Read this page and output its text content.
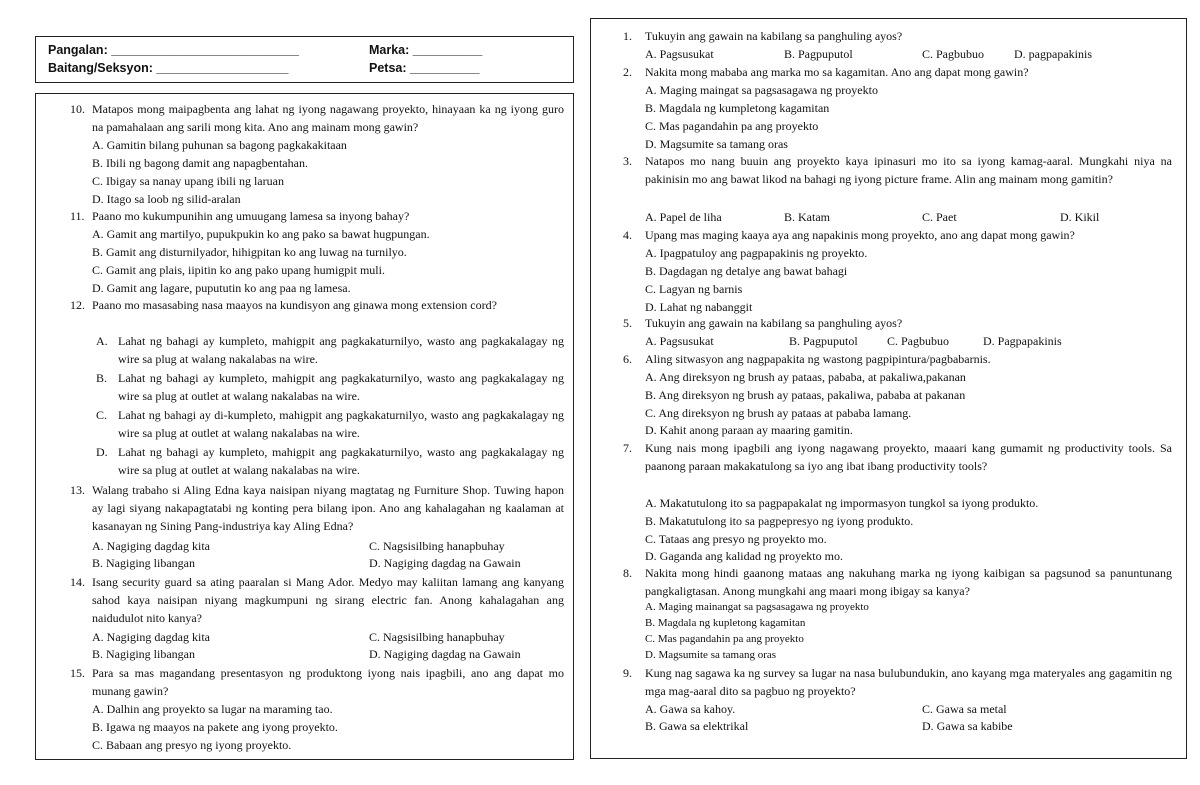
Pangalan: ___________________________
Baitang/Seksyon: ___________________
Marka: __________
Petsa: __________
10. Matapos mong maipagbenta ang lahat ng iyong nagawang proyekto, hinayaan ka ng iyong guro na pamahalaan ang sarili mong kita. Ano ang mainam mong gawin?
A. Gamitin bilang puhunan sa bagong pagkakakitaan
B. Ibili ng bagong damit ang napagbentahan.
C. Ibigay sa nanay upang ibili ng laruan
D. Itago sa loob ng silid-aralan
11. Paano mo kukumpunihin ang umuugang lamesa sa inyong bahay?
A. Gamit ang martilyo, pupukpukin ko ang pako sa bawat hugpungan.
B. Gamit ang disturnilyador, hihigpitan ko ang luwag na turnilyo.
C. Gamit ang plais, iipitin ko ang pako upang humigpit muli.
D. Gamit ang lagare, pupututin ko ang paa ng lamesa.
12. Paano mo masasabing nasa maayos na kundisyon ang ginawa mong extension cord?
A. Lahat ng bahagi ay kumpleto, mahigpit ang pagkakaturnilyo, wasto ang pagkakalagay ng wire sa plug at walang nakalabas na wire.
B. Lahat ng bahagi ay kumpleto, mahigpit ang pagkakaturnilyo, wasto ang pagkakalagay ng wire sa plug at outlet at walang nakalabas na wire.
C. Lahat ng bahagi ay di-kumpleto, mahigpit ang pagkakaturnilyo, wasto ang pagkakalagay ng wire sa plug at outlet at walang nakalabas na wire.
D. Lahat ng bahagi ay kumpleto, mahigpit ang pagkakaturnilyo, wasto ang pagkakalagay ng wire sa plug at outlet at walang nakalabas na wire.
13. Walang trabaho si Aling Edna kaya naisipan niyang magtatag ng Furniture Shop. Tuwing hapon ay lagi siyang nakapagtatabi ng konting pera bilang ipon. Ano ang kahalagahan ng kaalaman at kasanayan ng Sining Pang-industriya kay Aling Edna?
A. Nagiging dagdag kita	C. Nagsisilbing hanapbuhay
B. Nagiging libangan	D. Nagiging dagdag na Gawain
14. Isang security guard sa ating paaralan si Mang Ador. Medyo may kaliitan lamang ang kanyang sahod kaya naisipan niyang magkumpuni ng sirang electric fan. Anong kahalagahan ang naidudulot nito kanya?
A. Nagiging dagdag kita	C. Nagsisilbing hanapbuhay
B. Nagiging libangan	D. Nagiging dagdag na Gawain
15. Para sa mas magandang presentasyon ng produktong iyong nais ipagbili, ano ang dapat mo munang gawin?
A. Dalhin ang proyekto sa lugar na maraming tao.
B. Igawa ng maayos na pakete ang iyong proyekto.
C. Babaan ang presyo ng iyong proyekto.
1. Tukuyin ang gawain na kabilang sa panghuling ayos?
A. Pagsusukat	B. Pagpuputol	C. Pagbubuo D. pagpapakinis
2. Nakita mong mababa ang marka mo sa kagamitan. Ano ang dapat mong gawin?
A. Maging maingat sa pagsasagawa ng proyekto
B. Magdala ng kumpletong kagamitan
C. Mas pagandahin pa ang proyekto
D. Magsumite sa tamang oras
3. Natapos mo nang buuin ang proyekto kaya ipinasuri mo ito sa iyong kamag-aaral. Mungkahi niya na pakinisin mo ang bawat likod na bahagi ng iyong picture frame. Alin ang mainam mong gamitin?
A. Papel de liha	B. Katam	C. Paet	D. Kikil
4. Upang mas maging kaaya aya ang napakinis mong proyekto, ano ang dapat mong gawin?
A. Ipagpatuloy ang pagpapakinis ng proyekto.
B. Dagdagan ng detalye ang bawat bahagi
C. Lagyan ng barnis
D. Lahat ng nabanggit
5. Tukuyin ang gawain na kabilang sa panghuling ayos?
A. Pagsusukat	B. Pagpuputol C. Pagbubuo	D. Pagpapakinis
6. Aling sitwasyon ang nagpapakita ng wastong pagpipintura/pagbabarnis.
A. Ang direksyon ng brush ay pataas, pababa, at pakaliwa,pakanan
B. Ang direksyon ng brush ay pataas, pakaliwa, pababa at pakanan
C. Ang direksyon ng brush ay pataas at pababa lamang.
D. Kahit anong paraan ay maaring gamitin.
7. Kung nais mong ipagbili ang iyong nagawang proyekto, maaari kang gumamit ng productivity tools. Sa paanong paraan makakatulong sa iyo ang ibat ibang productivity tools?
A. Makatutulong ito sa pagpapakalat ng impormasyon tungkol sa iyong produkto.
B. Makatutulong ito sa pagpepresyo ng iyong produkto.
C. Tataas ang presyo ng proyekto mo.
D. Gaganda ang kalidad ng proyekto mo.
8. Nakita mong hindi gaanong mataas ang nakuhang marka ng iyong kaibigan sa pagsunod sa panuntunang pangkaligtasan. Anong mungkahi ang maari mong ibigay sa kanya?
A. Maging mainangat sa pagsasagawa ng proyekto
B. Magdala ng kupletong kagamitan
C. Mas pagandahin pa ang proyekto
D. Magsumite sa tamang oras
9. Kung nag sagawa ka ng survey sa lugar na nasa bulubundukin, ano kayang mga materyales ang gagamitin ng mga mag-aaral dito sa pagbuo ng proyekto?
A. Gawa sa kahoy.	C. Gawa sa metal
B. Gawa sa elektrikal	D. Gawa sa kabibe
